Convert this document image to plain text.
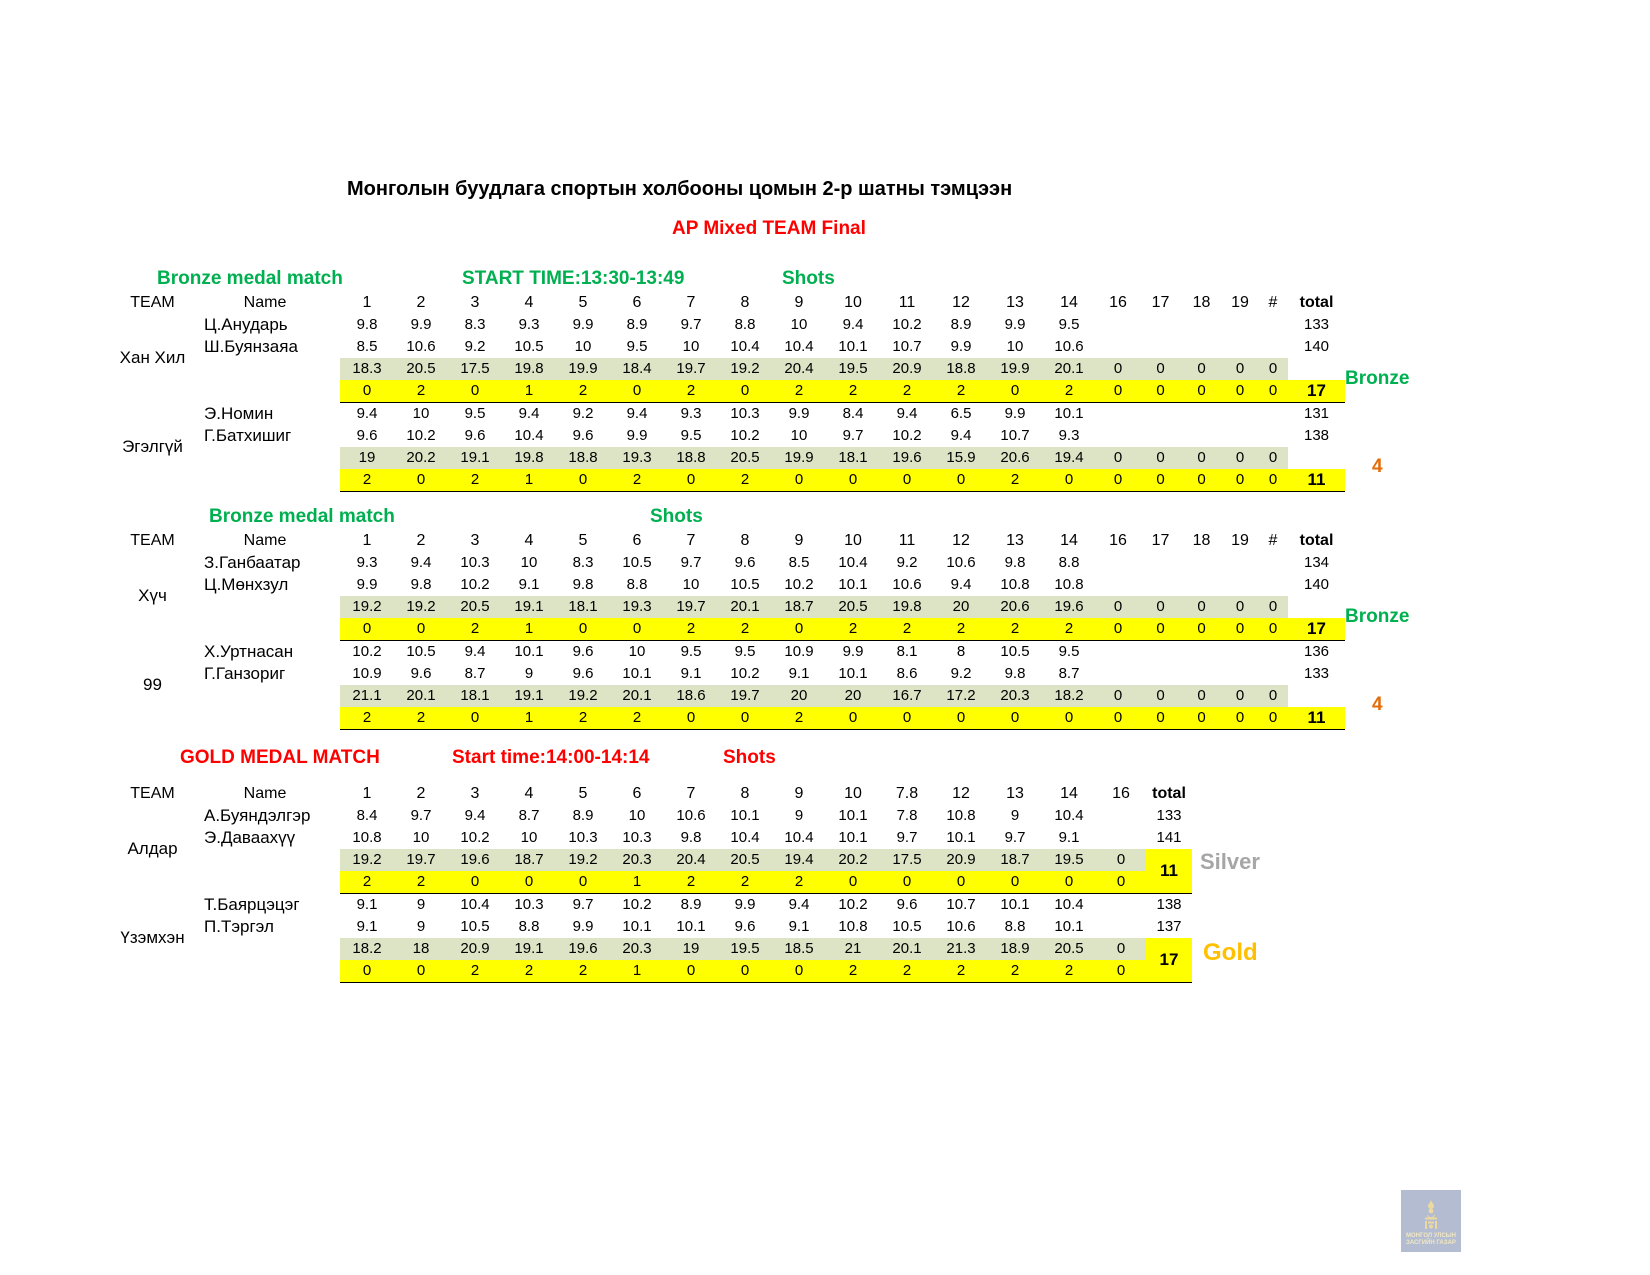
Монголын буудлага спортын холбооны цомын 2-р шатны тэмцээн
AP Mixed TEAM Final
Bronze medal match	START TIME:13:30-13:49	Shots
Bronze
4
TEAM	Name	1	2	3	4	5	6	7	8	9	10	11	12	13	14	16	17	18	19	#	total
Хан Хил	Ц.Анударь	9.8	9.9	8.3	9.3	9.9	8.9	9.7	8.8	10	9.4	10.2	8.9	9.9	9.5						133
	Ш.Буянзаяа	8.5	10.6	9.2	10.5	10	9.5	10	10.4	10.4	10.1	10.7	9.9	10	10.6						140
		18.3	20.5	17.5	19.8	19.9	18.4	19.7	19.2	20.4	19.5	20.9	18.8	19.9	20.1	0	0	0	0	0	
		0	2	0	1	2	0	2	0	2	2	2	2	0	2	0	0	0	0	0	17
Эгэлгүй	Э.Номин	9.4	10	9.5	9.4	9.2	9.4	9.3	10.3	9.9	8.4	9.4	6.5	9.9	10.1						131
	Г.Батхишиг	9.6	10.2	9.6	10.4	9.6	9.9	9.5	10.2	10	9.7	10.2	9.4	10.7	9.3						138
		19	20.2	19.1	19.8	18.8	19.3	18.8	20.5	19.9	18.1	19.6	15.9	20.6	19.4	0	0	0	0	0	
		2	0	2	1	0	2	0	2	0	0	0	0	2	0	0	0	0	0	0	11
Bronze medal match	Shots
Bronze
4
TEAM	Name	1	2	3	4	5	6	7	8	9	10	11	12	13	14	16	17	18	19	#	total
Хүч	З.Ганбаатар	9.3	9.4	10.3	10	8.3	10.5	9.7	9.6	8.5	10.4	9.2	10.6	9.8	8.8						134
	Ц.Мөнхзул	9.9	9.8	10.2	9.1	9.8	8.8	10	10.5	10.2	10.1	10.6	9.4	10.8	10.8						140
		19.2	19.2	20.5	19.1	18.1	19.3	19.7	20.1	18.7	20.5	19.8	20	20.6	19.6	0	0	0	0	0	
		0	0	2	1	0	0	2	2	0	2	2	2	2	2	0	0	0	0	0	17
99	Х.Уртнасан	10.2	10.5	9.4	10.1	9.6	10	9.5	9.5	10.9	9.9	8.1	8	10.5	9.5						136
	Г.Ганзориг	10.9	9.6	8.7	9	9.6	10.1	9.1	10.2	9.1	10.1	8.6	9.2	9.8	8.7						133
		21.1	20.1	18.1	19.1	19.2	20.1	18.6	19.7	20	20	16.7	17.2	20.3	18.2	0	0	0	0	0	
		2	2	0	1	2	2	0	0	2	0	0	0	0	0	0	0	0	0	0	11
GOLD MEDAL MATCH	Start time:14:00-14:14	Shots
Silver
Gold
TEAM	Name	1	2	3	4	5	6	7	8	9	10	7.8	12	13	14	16	total
Алдар	А.Буяндэлгэр	8.4	9.7	9.4	8.7	8.9	10	10.6	10.1	9	10.1	7.8	10.8	9	10.4		133
	Э.Даваахүү	10.8	10	10.2	10	10.3	10.3	9.8	10.4	10.4	10.1	9.7	10.1	9.7	9.1		141
		19.2	19.7	19.6	18.7	19.2	20.3	20.4	20.5	19.4	20.2	17.5	20.9	18.7	19.5	0	11
		2	2	0	0	0	1	2	2	2	0	0	0	0	0	0	
Үзэмхэн	Т.Баярцэцэг	9.1	9	10.4	10.3	9.7	10.2	8.9	9.9	9.4	10.2	9.6	10.7	10.1	10.4		138
	П.Тэргэл	9.1	9	10.5	8.8	9.9	10.1	10.1	9.6	9.1	10.8	10.5	10.6	8.8	10.1		137
		18.2	18	20.9	19.1	19.6	20.3	19	19.5	18.5	21	20.1	21.3	18.9	20.5	0	17
		0	0	2	2	2	1	0	0	0	2	2	2	2	2	0	
МОНГОЛ УЛСЫН
ЗАСГИЙН ГАЗАР
